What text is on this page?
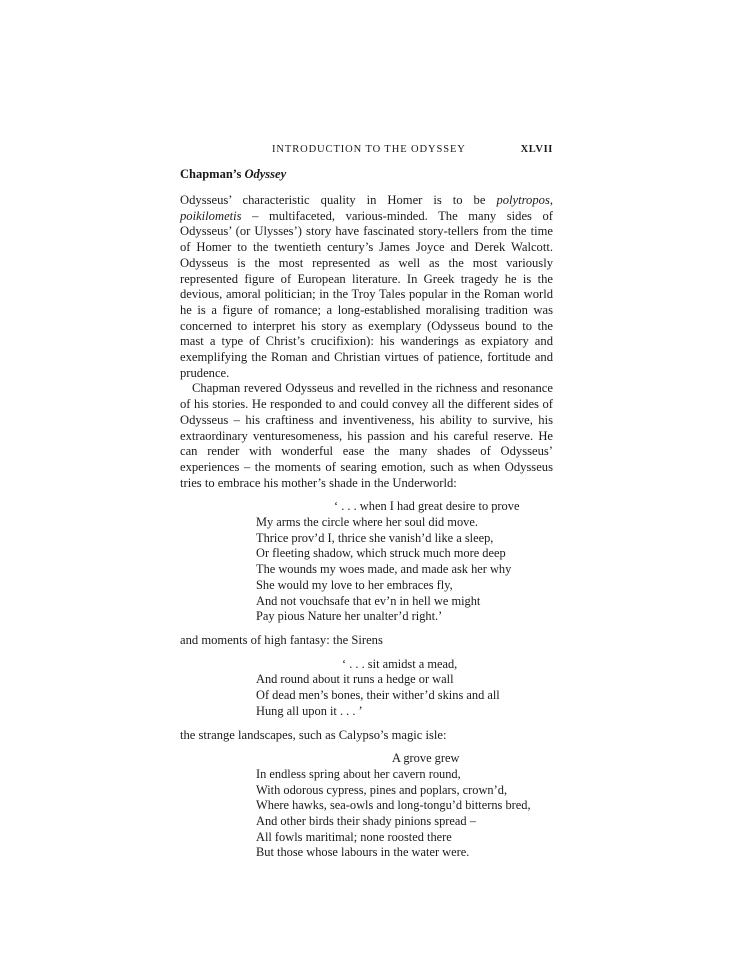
INTRODUCTION TO THE ODYSSEY	XLVII
Chapman’s Odyssey

Odysseus’ characteristic quality in Homer is to be polytropos, poikilometis – multifaceted, various-minded. The many sides of Odysseus’ (or Ulysses’) story have fascinated story-tellers from the time of Homer to the twentieth century’s James Joyce and Derek Walcott. Odysseus is the most represented as well as the most variously represented figure of European literature. In Greek tragedy he is the devious, amoral politician; in the Troy Tales popular in the Roman world he is a figure of romance; a long-established moralising tradition was concerned to interpret his story as exemplary (Odysseus bound to the mast a type of Christ’s crucifixion): his wanderings as expiatory and exemplifying the Roman and Christian virtues of patience, fortitude and prudence.

Chapman revered Odysseus and revelled in the richness and resonance of his stories. He responded to and could convey all the different sides of Odysseus – his craftiness and inventiveness, his ability to survive, his extraordinary venturesomeness, his passion and his careful reserve. He can render with wonderful ease the many shades of Odysseus’ experiences – the moments of searing emotion, such as when Odysseus tries to embrace his mother’s shade in the Underworld:

‘ . . . when I had great desire to prove
My arms the circle where her soul did move.
Thrice prov’d I, thrice she vanish’d like a sleep,
Or fleeting shadow, which struck much more deep
The wounds my woes made, and made ask her why
She would my love to her embraces fly,
And not vouchsafe that ev’n in hell we might
Pay pious Nature her unalter’d right.’

and moments of high fantasy: the Sirens

‘ . . . sit amidst a mead,
And round about it runs a hedge or wall
Of dead men’s bones, their wither’d skins and all
Hung all upon it . . . ’

the strange landscapes, such as Calypso’s magic isle:

A grove grew
In endless spring about her cavern round,
With odorous cypress, pines and poplars, crown’d,
Where hawks, sea-owls and long-tongu’d bitterns bred,
And other birds their shady pinions spread –
All fowls maritimal; none roosted there
But those whose labours in the water were.
